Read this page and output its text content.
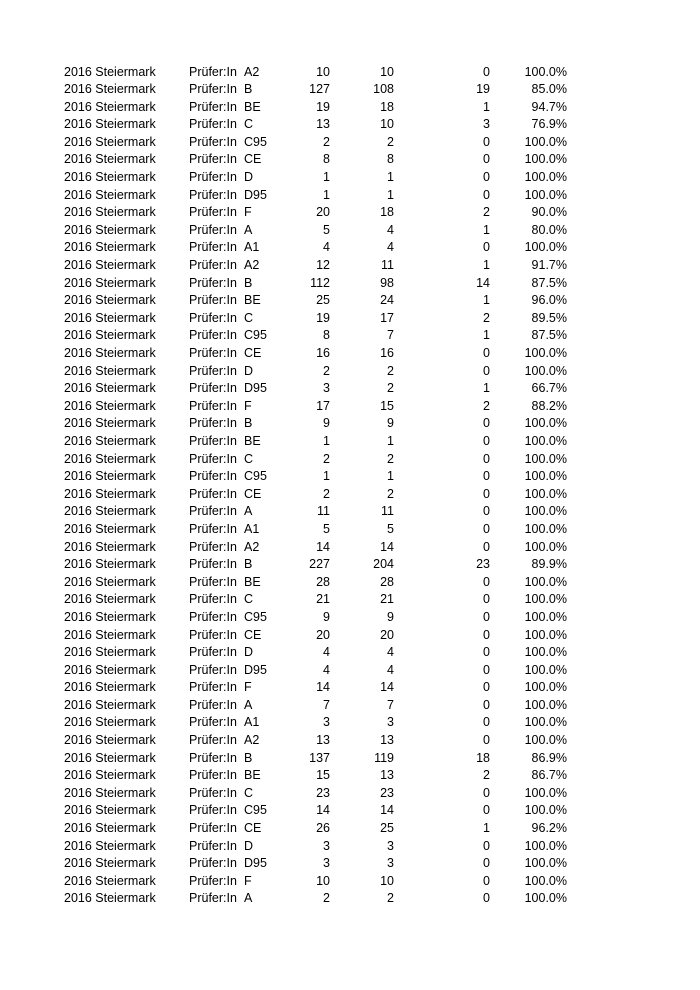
2016 Steiermark	Prüfer:In A2	10	10	0	100.0%
2016 Steiermark	Prüfer:In B	127	108	19	85.0%
2016 Steiermark	Prüfer:In BE	19	18	1	94.7%
2016 Steiermark	Prüfer:In C	13	10	3	76.9%
2016 Steiermark	Prüfer:In C95	2	2	0	100.0%
2016 Steiermark	Prüfer:In CE	8	8	0	100.0%
2016 Steiermark	Prüfer:In D	1	1	0	100.0%
2016 Steiermark	Prüfer:In D95	1	1	0	100.0%
2016 Steiermark	Prüfer:In F	20	18	2	90.0%
2016 Steiermark	Prüfer:In A	5	4	1	80.0%
2016 Steiermark	Prüfer:In A1	4	4	0	100.0%
2016 Steiermark	Prüfer:In A2	12	11	1	91.7%
2016 Steiermark	Prüfer:In B	112	98	14	87.5%
2016 Steiermark	Prüfer:In BE	25	24	1	96.0%
2016 Steiermark	Prüfer:In C	19	17	2	89.5%
2016 Steiermark	Prüfer:In C95	8	7	1	87.5%
2016 Steiermark	Prüfer:In CE	16	16	0	100.0%
2016 Steiermark	Prüfer:In D	2	2	0	100.0%
2016 Steiermark	Prüfer:In D95	3	2	1	66.7%
2016 Steiermark	Prüfer:In F	17	15	2	88.2%
2016 Steiermark	Prüfer:In B	9	9	0	100.0%
2016 Steiermark	Prüfer:In BE	1	1	0	100.0%
2016 Steiermark	Prüfer:In C	2	2	0	100.0%
2016 Steiermark	Prüfer:In C95	1	1	0	100.0%
2016 Steiermark	Prüfer:In CE	2	2	0	100.0%
2016 Steiermark	Prüfer:In A	11	11	0	100.0%
2016 Steiermark	Prüfer:In A1	5	5	0	100.0%
2016 Steiermark	Prüfer:In A2	14	14	0	100.0%
2016 Steiermark	Prüfer:In B	227	204	23	89.9%
2016 Steiermark	Prüfer:In BE	28	28	0	100.0%
2016 Steiermark	Prüfer:In C	21	21	0	100.0%
2016 Steiermark	Prüfer:In C95	9	9	0	100.0%
2016 Steiermark	Prüfer:In CE	20	20	0	100.0%
2016 Steiermark	Prüfer:In D	4	4	0	100.0%
2016 Steiermark	Prüfer:In D95	4	4	0	100.0%
2016 Steiermark	Prüfer:In F	14	14	0	100.0%
2016 Steiermark	Prüfer:In A	7	7	0	100.0%
2016 Steiermark	Prüfer:In A1	3	3	0	100.0%
2016 Steiermark	Prüfer:In A2	13	13	0	100.0%
2016 Steiermark	Prüfer:In B	137	119	18	86.9%
2016 Steiermark	Prüfer:In BE	15	13	2	86.7%
2016 Steiermark	Prüfer:In C	23	23	0	100.0%
2016 Steiermark	Prüfer:In C95	14	14	0	100.0%
2016 Steiermark	Prüfer:In CE	26	25	1	96.2%
2016 Steiermark	Prüfer:In D	3	3	0	100.0%
2016 Steiermark	Prüfer:In D95	3	3	0	100.0%
2016 Steiermark	Prüfer:In F	10	10	0	100.0%
2016 Steiermark	Prüfer:In A	2	2	0	100.0%
